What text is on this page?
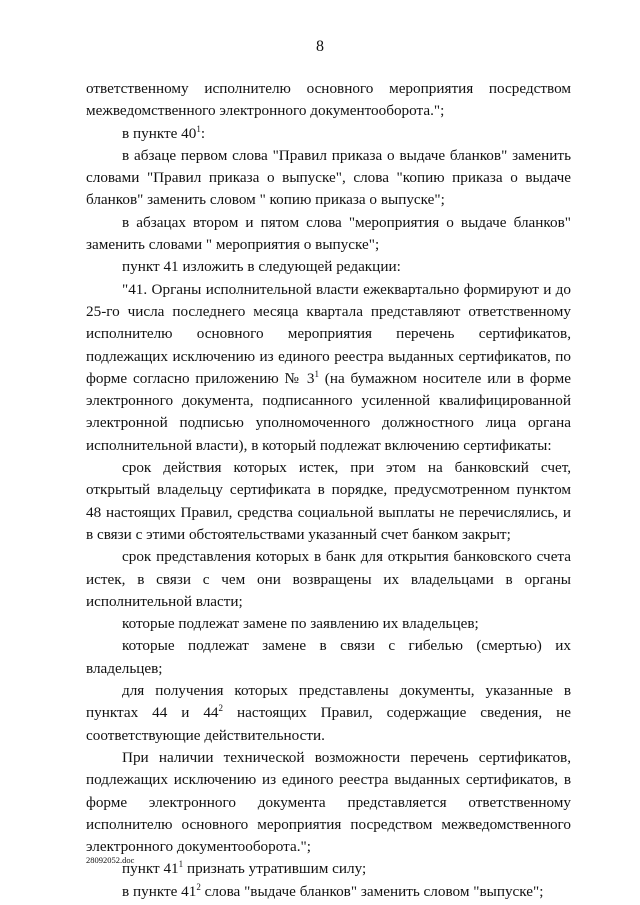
8

ответственному исполнителю основного мероприятия посредством межведомственного электронного документооборота.";

в пункте $40^1$:

в абзаце первом слова "Правил приказа о выдаче бланков" заменить словами "Правил приказа о выпуске", слова "копию приказа о выдаче бланков" заменить словом " копию приказа о выпуске";

в абзацах втором и пятом слова "мероприятия о выдаче бланков" заменить словами " мероприятия о выпуске";

пункт 41 изложить в следующей редакции:

"41. Органы исполнительной власти ежеквартально формируют и до 25-го числа последнего месяца квартала представляют ответственному исполнителю основного мероприятия перечень сертификатов, подлежащих исключению из единого реестра выданных сертификатов, по форме согласно приложению № $3^1$ (на бумажном носителе или в форме электронного документа, подписанного усиленной квалифицированной электронной подписью уполномоченного должностного лица органа исполнительной власти), в который подлежат включению сертификаты:

срок действия которых истек, при этом на банковский счет, открытый владельцу сертификата в порядке, предусмотренном пунктом 48 настоящих Правил, средства социальной выплаты не перечислялись, и в связи с этими обстоятельствами указанный счет банком закрыт;

срок представления которых в банк для открытия банковского счета истек, в связи с чем они возвращены их владельцами в органы исполнительной власти;

которые подлежат замене по заявлению их владельцев;

которые подлежат замене в связи с гибелью (смертью) их владельцев;

для получения которых представлены документы, указанные в пунктах 44 и $44^2$ настоящих Правил, содержащие сведения, не соответствующие действительности.

При наличии технической возможности перечень сертификатов, подлежащих исключению из единого реестра выданных сертификатов, в форме электронного документа представляется ответственному исполнителю основного мероприятия посредством межведомственного электронного документооборота.";

пункт $41^1$ признать утратившим силу;

в пункте $41^2$ слова "выдаче бланков" заменить словом "выпуске";

28092052.doc
